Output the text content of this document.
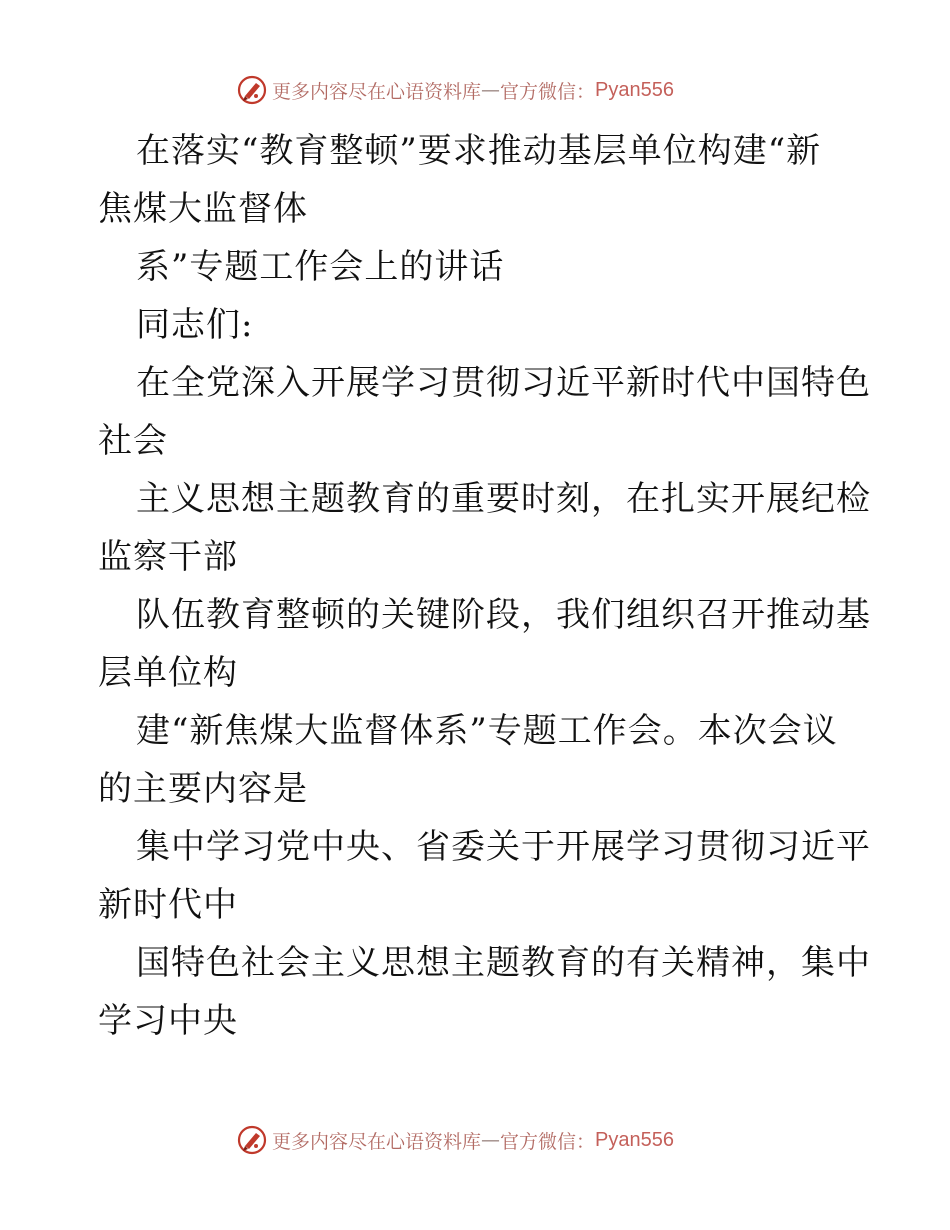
更多内容尽在心语资料库 — 官方微信： Pyan556
在落实“教育整顿”要求推动基层单位构建“新
焦煤大监督体
系”专题工作会上的讲话
同志们:
在全党深入开展学习贯彻习近平新时代中国特色
社会
主义思想主题教育的重要时刻，在扎实开展纪检
监察干部
队伍教育整顿的关键阶段，我们组织召开推动基
层单位构
建“新焦煤大监督体系”专题工作会。本次会议
的主要内容是
集中学习党中央、省委关于开展学习贯彻习近平
新时代中
国特色社会主义思想主题教育的有关精神，集中
学习中央
更多内容尽在心语资料库 — 官方微信： Pyan556
